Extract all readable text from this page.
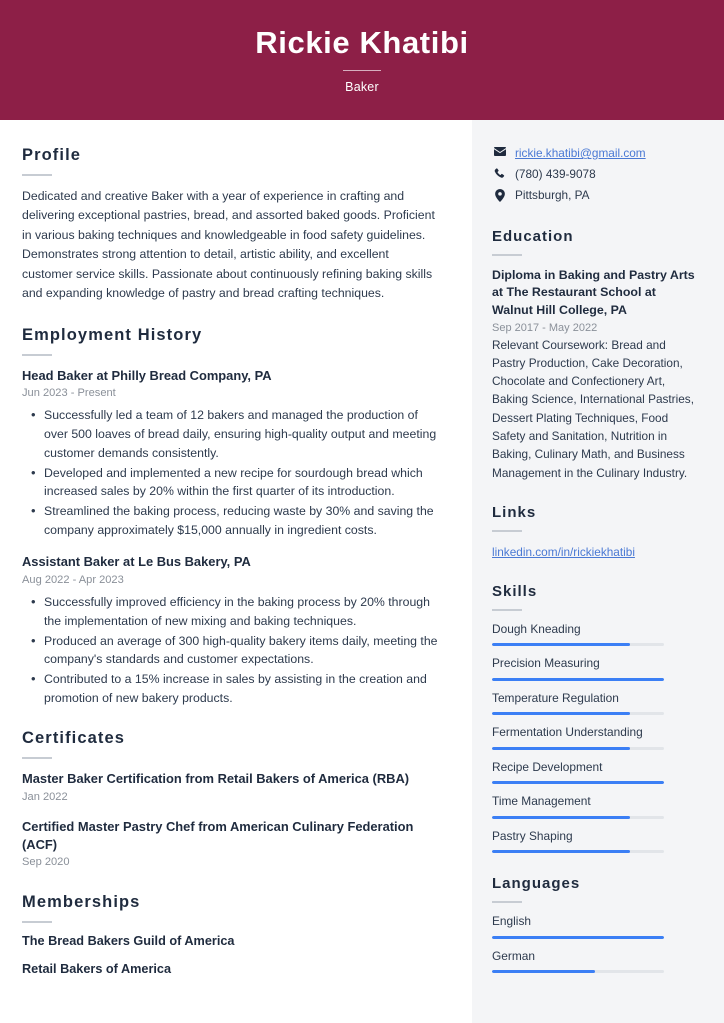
Rickie Khatibi
Baker
Profile
Dedicated and creative Baker with a year of experience in crafting and delivering exceptional pastries, bread, and assorted baked goods. Proficient in various baking techniques and knowledgeable in food safety guidelines. Demonstrates strong attention to detail, artistic ability, and excellent customer service skills. Passionate about continuously refining baking skills and expanding knowledge of pastry and bread crafting techniques.
Employment History
Head Baker at Philly Bread Company, PA
Jun 2023 - Present
• Successfully led a team of 12 bakers and managed the production of over 500 loaves of bread daily, ensuring high-quality output and meeting customer demands consistently.
• Developed and implemented a new recipe for sourdough bread which increased sales by 20% within the first quarter of its introduction.
• Streamlined the baking process, reducing waste by 30% and saving the company approximately $15,000 annually in ingredient costs.
Assistant Baker at Le Bus Bakery, PA
Aug 2022 - Apr 2023
• Successfully improved efficiency in the baking process by 20% through the implementation of new mixing and baking techniques.
• Produced an average of 300 high-quality bakery items daily, meeting the company's standards and customer expectations.
• Contributed to a 15% increase in sales by assisting in the creation and promotion of new bakery products.
Certificates
Master Baker Certification from Retail Bakers of America (RBA)
Jan 2022
Certified Master Pastry Chef from American Culinary Federation (ACF)
Sep 2020
Memberships
The Bread Bakers Guild of America
Retail Bakers of America
rickie.khatibi@gmail.com
(780) 439-9078
Pittsburgh, PA
Education
Diploma in Baking and Pastry Arts at The Restaurant School at Walnut Hill College, PA
Sep 2017 - May 2022
Relevant Coursework: Bread and Pastry Production, Cake Decoration, Chocolate and Confectionery Art, Baking Science, International Pastries, Dessert Plating Techniques, Food Safety and Sanitation, Nutrition in Baking, Culinary Math, and Business Management in the Culinary Industry.
Links
linkedin.com/in/rickiekhatibi
Skills
Dough Kneading
Precision Measuring
Temperature Regulation
Fermentation Understanding
Recipe Development
Time Management
Pastry Shaping
Languages
English
German
